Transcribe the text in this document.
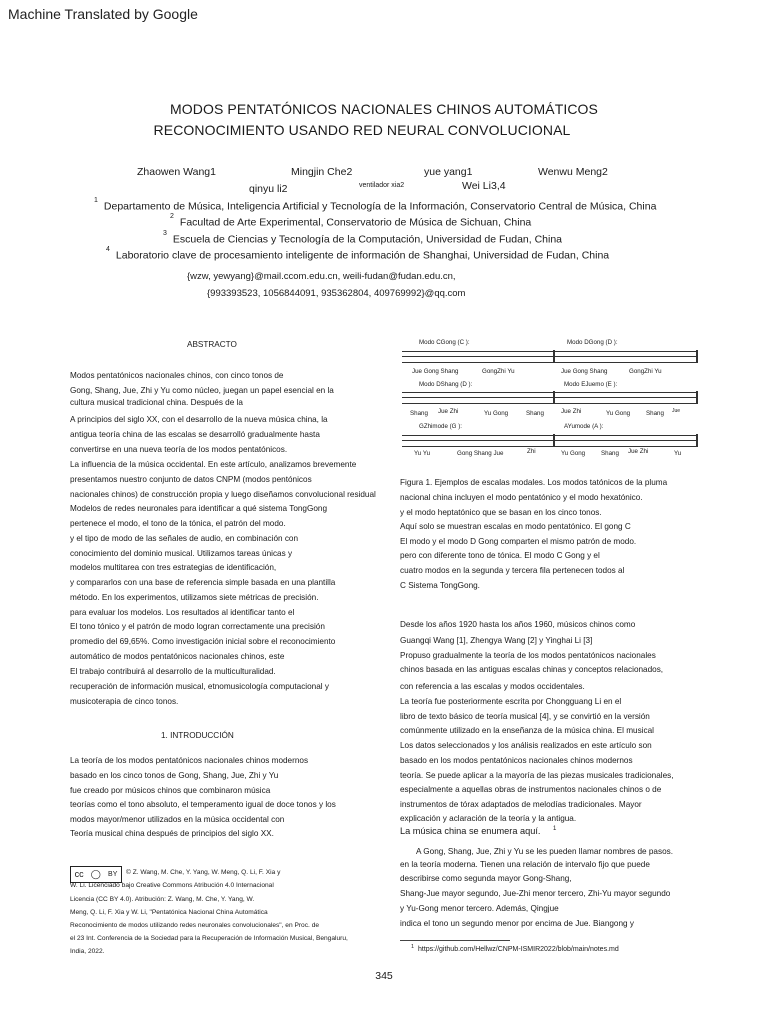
Machine Translated by Google
MODOS PENTATÓNICOS NACIONALES CHINOS AUTOMÁTICOS
RECONOCIMIENTO USANDO RED NEURAL CONVOLUCIONAL
Zhaowen Wang1	Mingjin Che2	yue yang1	Wenwu Meng2
qinyu li2	ventilador xia2	Wei Li3,4
$^1$ Departamento de Música, Inteligencia Artificial y Tecnología de la Información, Conservatorio Central de Música, China
$^2$ Facultad de Arte Experimental, Conservatorio de Música de Sichuan, China
$^3$ Escuela de Ciencias y Tecnología de la Computación, Universidad de Fudan, China
$^4$ Laboratorio clave de procesamiento inteligente de información de Shanghai, Universidad de Fudan, China
{wzw, yewyang}@mail.ccom.edu.cn, weili-fudan@fudan.edu.cn,
{993393523, 1056844091, 935362804, 409769992}@qq.com
ABSTRACTO
Modos pentatónicos nacionales chinos, con cinco tonos de
Gong, Shang, Jue, Zhi y Yu como núcleo, juegan un papel esencial en la
cultura musical tradicional china. Después de la
A principios del siglo XX, con el desarrollo de la nueva música china, la
antigua teoría china de las escalas se desarrolló gradualmente hasta
convertirse en una nueva teoría de los modos pentatónicos.
La influencia de la música occidental. En este artículo, analizamos brevemente
presentamos nuestro conjunto de datos CNPM (modos pentónicos
nacionales chinos) de construcción propia y luego diseñamos convolucional residual
Modelos de redes neuronales para identificar a qué sistema TongGong
pertenece el modo, el tono de la tónica, el patrón del modo.
y el tipo de modo de las señales de audio, en combinación con
conocimiento del dominio musical. Utilizamos tareas únicas y
modelos multitarea con tres estrategias de identificación,
y compararlos con una base de referencia simple basada en una plantilla
método. En los experimentos, utilizamos siete métricas de precisión.
para evaluar los modelos. Los resultados al identificar tanto el
El tono tónico y el patrón de modo logran correctamente una precisión
promedio del 69,65%. Como investigación inicial sobre el reconocimiento
automático de modos pentatónicos nacionales chinos, este
El trabajo contribuirá al desarrollo de la multiculturalidad.
recuperación de información musical, etnomusicología computacional y
musicoterapia de cinco tonos.
1. INTRODUCCIÓN
La teoría de los modos pentatónicos nacionales chinos modernos
basado en los cinco tonos de Gong, Shang, Jue, Zhi y Yu
fue creado por músicos chinos que combinaron música
teorías como el tono absoluto, el temperamento igual de doce tonos y los
modos mayor/menor utilizados en la música occidental con
Teoría musical china después de principios del siglo XX.
cc ◯ BY © Z. Wang, M. Che, Y. Yang, W. Meng, Q. Li, F. Xia y
W. Li. Licenciado bajo Creative Commons Atribución 4.0 Internacional
Licencia (CC BY 4.0). Atribución: Z. Wang, M. Che, Y. Yang, W.
Meng, Q. Li, F. Xia y W. Li, "Pentatónica Nacional China Automática
Reconocimiento de modos utilizando redes neuronales convolucionales", en Proc. de
el 23 Int. Conferencia de la Sociedad para la Recuperación de Información Musical, Bengaluru,
India, 2022.
Modo CGong (C ):	Modo DGong (D ):
Jue Gong Shang	GongZhi Yu	Jue Gong Shang	GongZhi Yu
Modo DShang (D ):	Modo EJuemo (E ):
Shang Jue Zhi	Yu Gong	Shang	Jue Zhi	Yu Gong	Shang Jue
GZhimode (G ):	AYumode (A ):
Yu Yu	Gong Shang Jue	Zhi	Yu Gong	Shang Jue Zhi	Yu
Figura 1. Ejemplos de escalas modales. Los modos tatónicos de la pluma
nacional china incluyen el modo pentatónico y el modo hexatónico.
y el modo heptatónico que se basan en los cinco tonos.
Aquí solo se muestran escalas en modo pentatónico. El gong C
El modo y el modo D Gong comparten el mismo patrón de modo.
pero con diferente tono de tónica. El modo C Gong y el
cuatro modos en la segunda y tercera fila pertenecen todos al
C Sistema TongGong.
Desde los años 1920 hasta los años 1960, músicos chinos como
Guangqi Wang [1], Zhengya Wang [2] y Yinghai Li [3]
Propuso gradualmente la teoría de los modos pentatónicos nacionales
chinos basada en las antiguas escalas chinas y conceptos relacionados,
con referencia a las escalas y modos occidentales.
La teoría fue posteriormente escrita por Chongguang Li en el
libro de texto básico de teoría musical [4], y se convirtió en la versión
comúnmente utilizado en la enseñanza de la música china. El musical
Los datos seleccionados y los análisis realizados en este artículo son
basado en los modos pentatónicos nacionales chinos modernos
teoría. Se puede aplicar a la mayoría de las piezas musicales tradicionales,
especialmente a aquellas obras de instrumentos nacionales chinos o de
instrumentos de tórax adaptados de melodías tradicionales. Mayor
explicación y aclaración de la teoría y la antigua.
La música china se enumera aquí.
A Gong, Shang, Jue, Zhi y Yu se les pueden llamar nombres de pasos.
en la teoría moderna. Tienen una relación de intervalo fijo que puede
describirse como segunda mayor Gong-Shang,
Shang-Jue mayor segundo, Jue-Zhi menor tercero, Zhi-Yu mayor segundo
y Yu-Gong menor tercero. Además, Qingjue
indica el tono un segundo menor por encima de Jue. Biangong y
1
1 https://github.com/Hellwz/CNPM-ISMIR2022/blob/main/notes.md
345
